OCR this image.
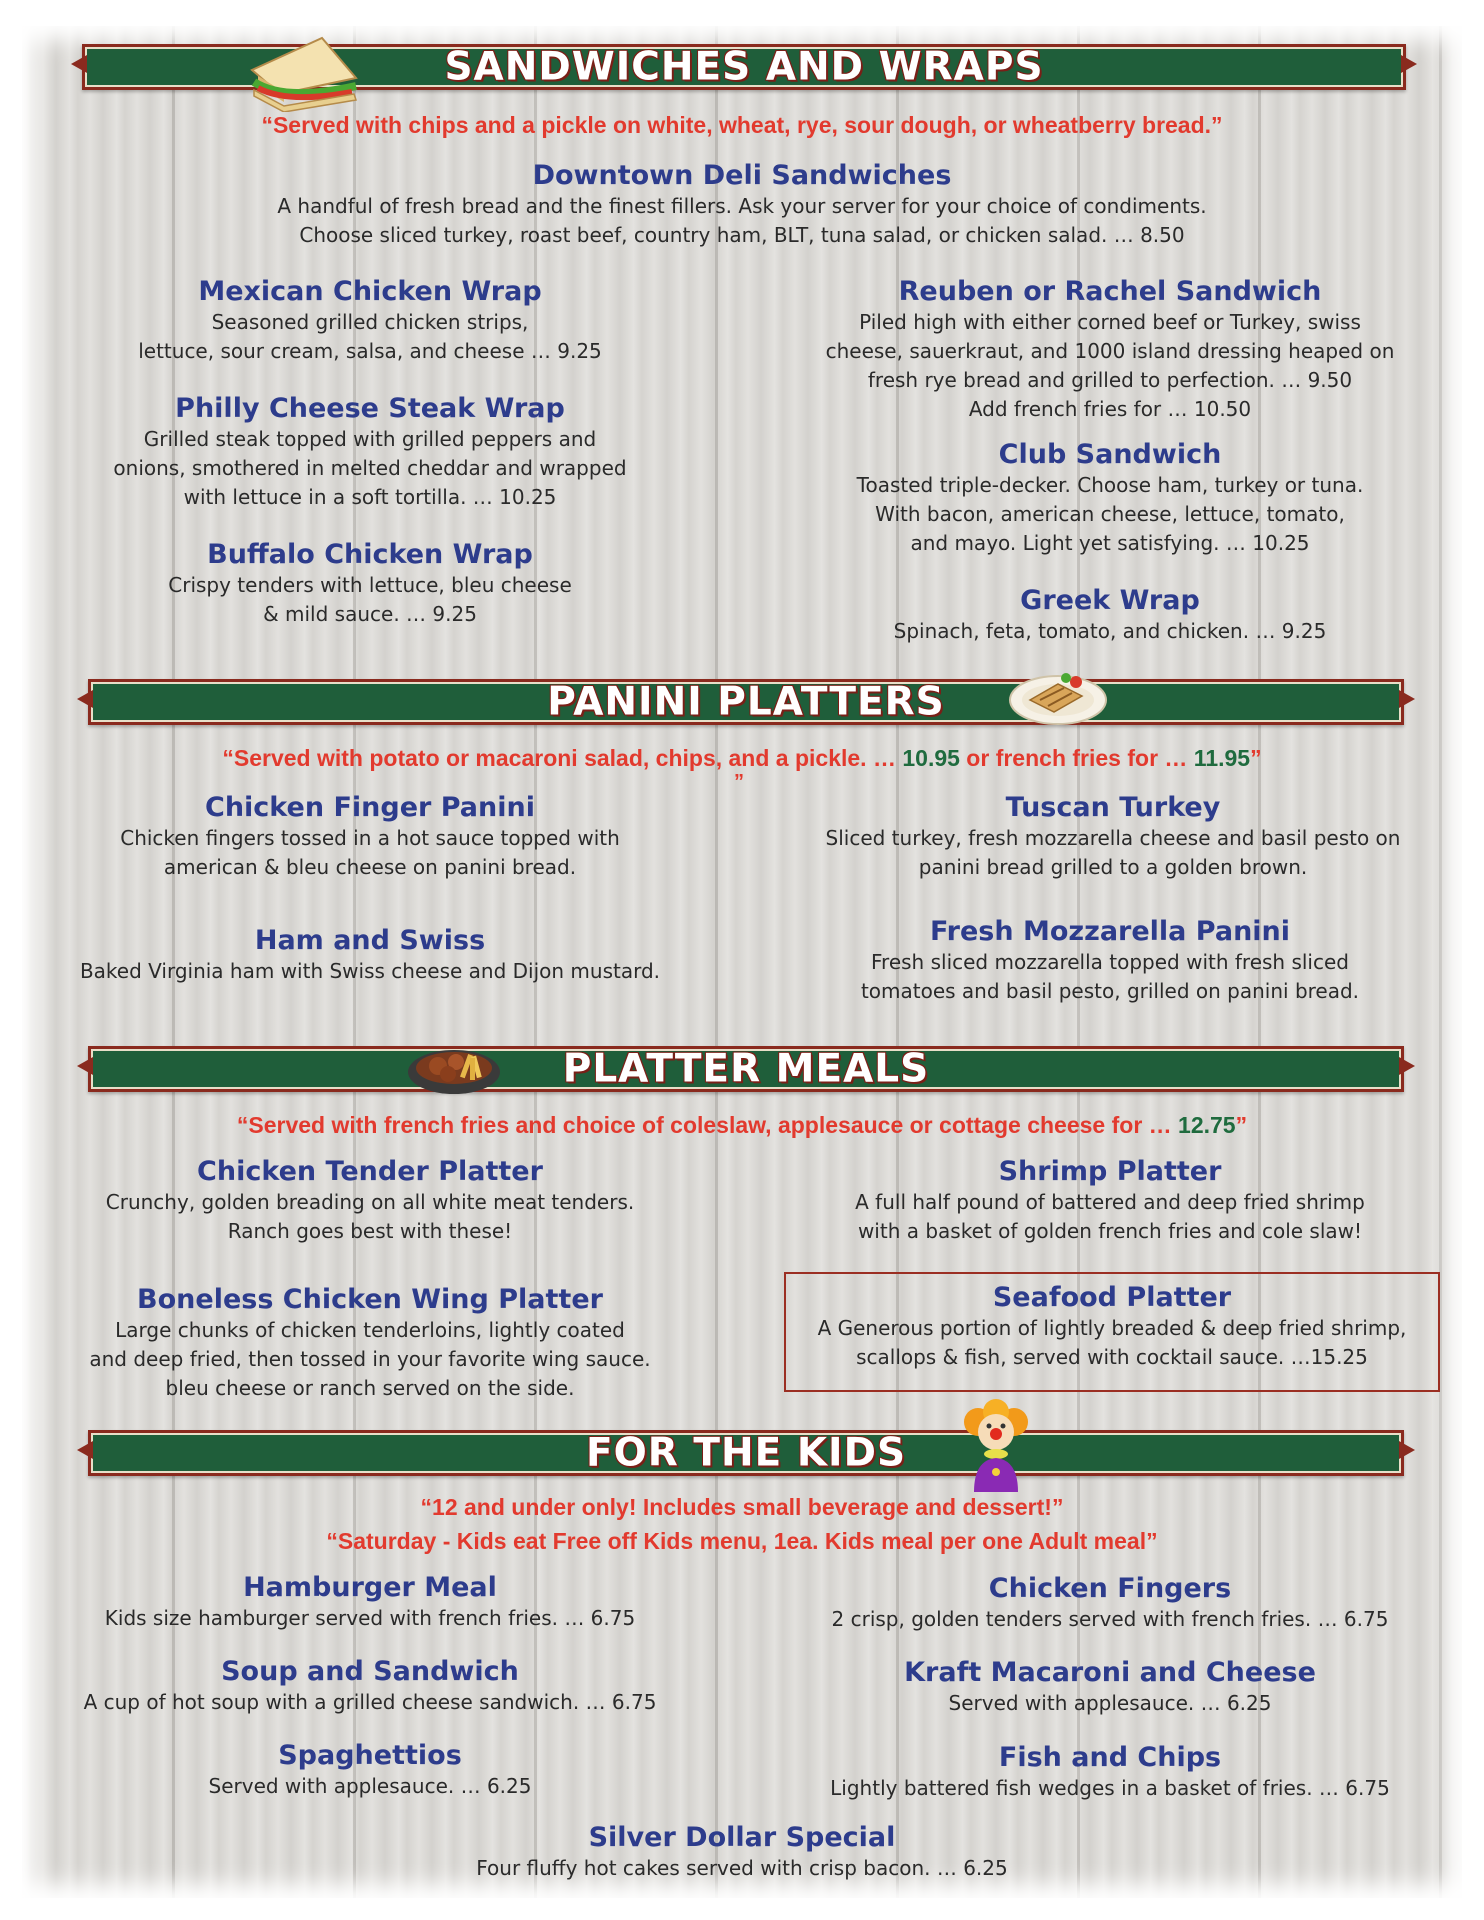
SANDWICHES AND WRAPS
“Served with chips and a pickle on white, wheat, rye, sour dough, or wheatberry bread.”
Downtown Deli Sandwiches
A handful of fresh bread and the finest fillers. Ask your server for your choice of condiments.
Choose sliced turkey, roast beef, country ham, BLT, tuna salad, or chicken salad. … 8.50
Mexican Chicken Wrap
Seasoned grilled chicken strips,
lettuce, sour cream, salsa, and cheese … 9.25
Philly Cheese Steak Wrap
Grilled steak topped with grilled peppers and
onions, smothered in melted cheddar and wrapped
with lettuce in a soft tortilla. … 10.25
Buffalo Chicken Wrap
Crispy tenders with lettuce, bleu cheese
& mild sauce. … 9.25
Reuben or Rachel Sandwich
Piled high with either corned beef or Turkey, swiss
cheese, sauerkraut, and 1000 island dressing heaped on
fresh rye bread and grilled to perfection. … 9.50
Add french fries for … 10.50
Club Sandwich
Toasted triple-decker. Choose ham, turkey or tuna.
With bacon, american cheese, lettuce, tomato,
and mayo. Light yet satisfying. … 10.25
Greek Wrap
Spinach, feta, tomato, and chicken. … 9.25
PANINI PLATTERS
“Served with potato or macaroni salad, chips, and a pickle. … 10.95 or french fries for … 11.95”
”
Chicken Finger Panini
Chicken fingers tossed in a hot sauce topped with
american & bleu cheese on panini bread.
Ham and Swiss
Baked Virginia ham with Swiss cheese and Dijon mustard.
Tuscan Turkey
Sliced turkey, fresh mozzarella cheese and basil pesto on
panini bread grilled to a golden brown.
Fresh Mozzarella Panini
Fresh sliced mozzarella topped with fresh sliced
tomatoes and basil pesto, grilled on panini bread.
PLATTER MEALS
“Served with french fries and choice of coleslaw, applesauce or cottage cheese for … 12.75”
Chicken Tender Platter
Crunchy, golden breading on all white meat tenders.
Ranch goes best with these!
Boneless Chicken Wing Platter
Large chunks of chicken tenderloins, lightly coated
and deep fried, then tossed in your favorite wing sauce.
bleu cheese or ranch served on the side.
Shrimp Platter
A full half pound of battered and deep fried shrimp
with a basket of golden french fries and cole slaw!
Seafood Platter
A Generous portion of lightly breaded & deep fried shrimp,
scallops & fish, served with cocktail sauce. …15.25
FOR THE KIDS
“12 and under only! Includes small beverage and dessert!”
“Saturday - Kids eat Free off Kids menu, 1ea. Kids meal per one Adult meal”
Hamburger Meal
Kids size hamburger served with french fries. … 6.75
Soup and Sandwich
A cup of hot soup with a grilled cheese sandwich. … 6.75
Spaghettios
Served with applesauce. … 6.25
Chicken Fingers
2 crisp, golden tenders served with french fries. … 6.75
Kraft Macaroni and Cheese
Served with applesauce. … 6.25
Fish and Chips
Lightly battered fish wedges in a basket of fries. … 6.75
Silver Dollar Special
Four fluffy hot cakes served with crisp bacon. … 6.25
